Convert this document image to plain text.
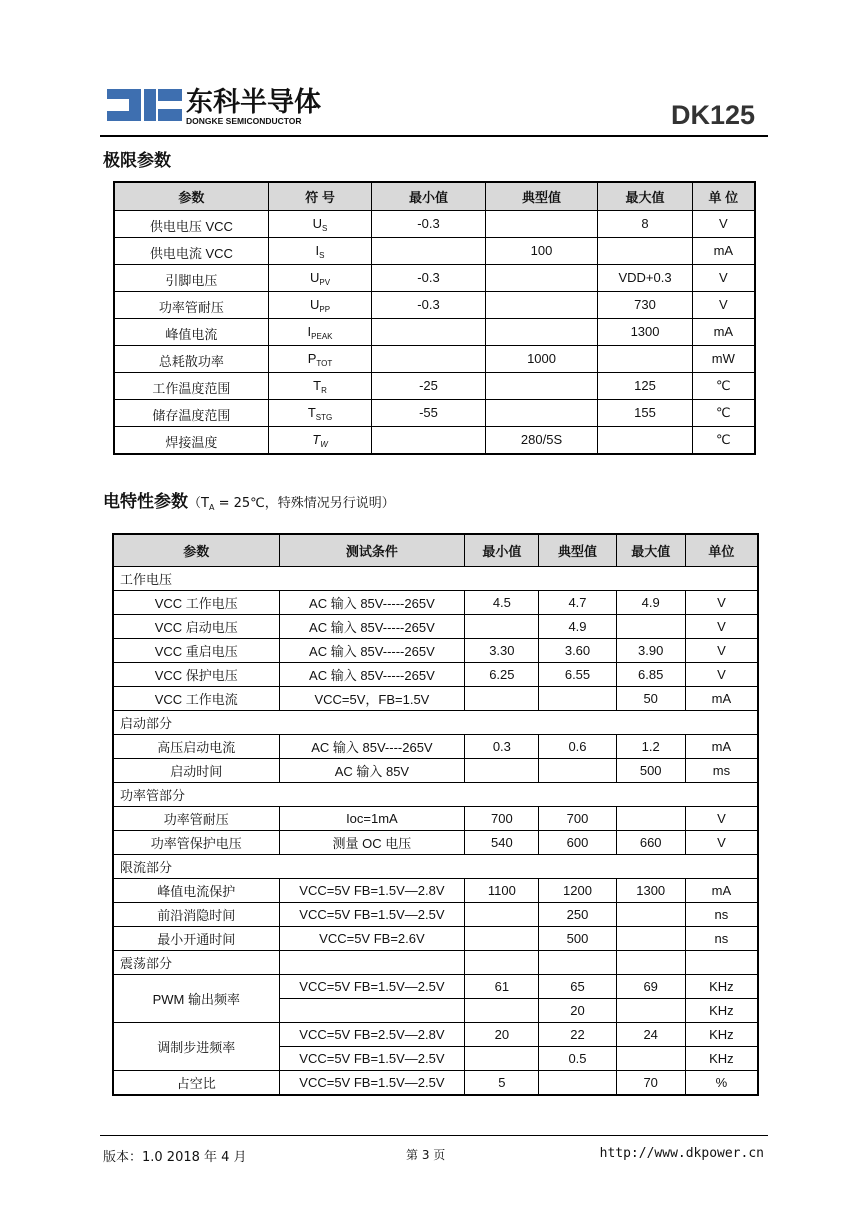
东科半导体
DONGKE SEMICONDUCTOR	DK125
极限参数
参数	符 号	最小值	典型值	最大值	单 位
供电电压 VCC	$U_S$	-0.3		8	V
供电电流 VCC	$I_S$		100		mA
引脚电压	$U_{PV}$	-0.3		VDD+0.3	V
功率管耐压	$U_{PP}$	-0.3		730	V
峰值电流	$I_{PEAK}$			1300	mA
总耗散功率	$P_{TOT}$		1000		mW
工作温度范围	$T_R$	-25		125	℃
储存温度范围	$T_{STG}$	-55		155	℃
焊接温度	$T_W$		280/5S		℃
电特性参数（$T_A$ = 25℃，特殊情况另行说明）
参数	测试条件	最小值	典型值	最大值	单位
工作电压					
VCC 工作电压	AC 输入 85V-----265V	4.5	4.7	4.9	V
VCC 启动电压	AC 输入 85V-----265V		4.9		V
VCC 重启电压	AC 输入 85V-----265V	3.30	3.60	3.90	V
VCC 保护电压	AC 输入 85V-----265V	6.25	6.55	6.85	V
VCC 工作电流	VCC=5V，FB=1.5V			50	mA
启动部分					
高压启动电流	AC 输入 85V----265V	0.3	0.6	1.2	mA
启动时间	AC 输入 85V			500	ms
功率管部分					
功率管耐压	Ioc=1mA	700	700		V
功率管保护电压	测量 OC 电压	540	600	660	V
限流部分					
峰值电流保护	VCC=5V FB=1.5V—2.8V	1100	1200	1300	mA
前沿消隐时间	VCC=5V FB=1.5V—2.5V		250		ns
最小开通时间	VCC=5V FB=2.6V		500		ns
震荡部分					
PWM 输出频率	VCC=5V FB=1.5V—2.5V	61	65	69	KHz
			20		KHz
调制步进频率	VCC=5V FB=2.5V—2.8V	20	22	24	KHz
	VCC=5V FB=1.5V—2.5V		0.5		KHz
占空比	VCC=5V FB=1.5V—2.5V	5		70	%
版本：1.0 2018 年 4 月	第 3 页	http://www.dkpower.cn
